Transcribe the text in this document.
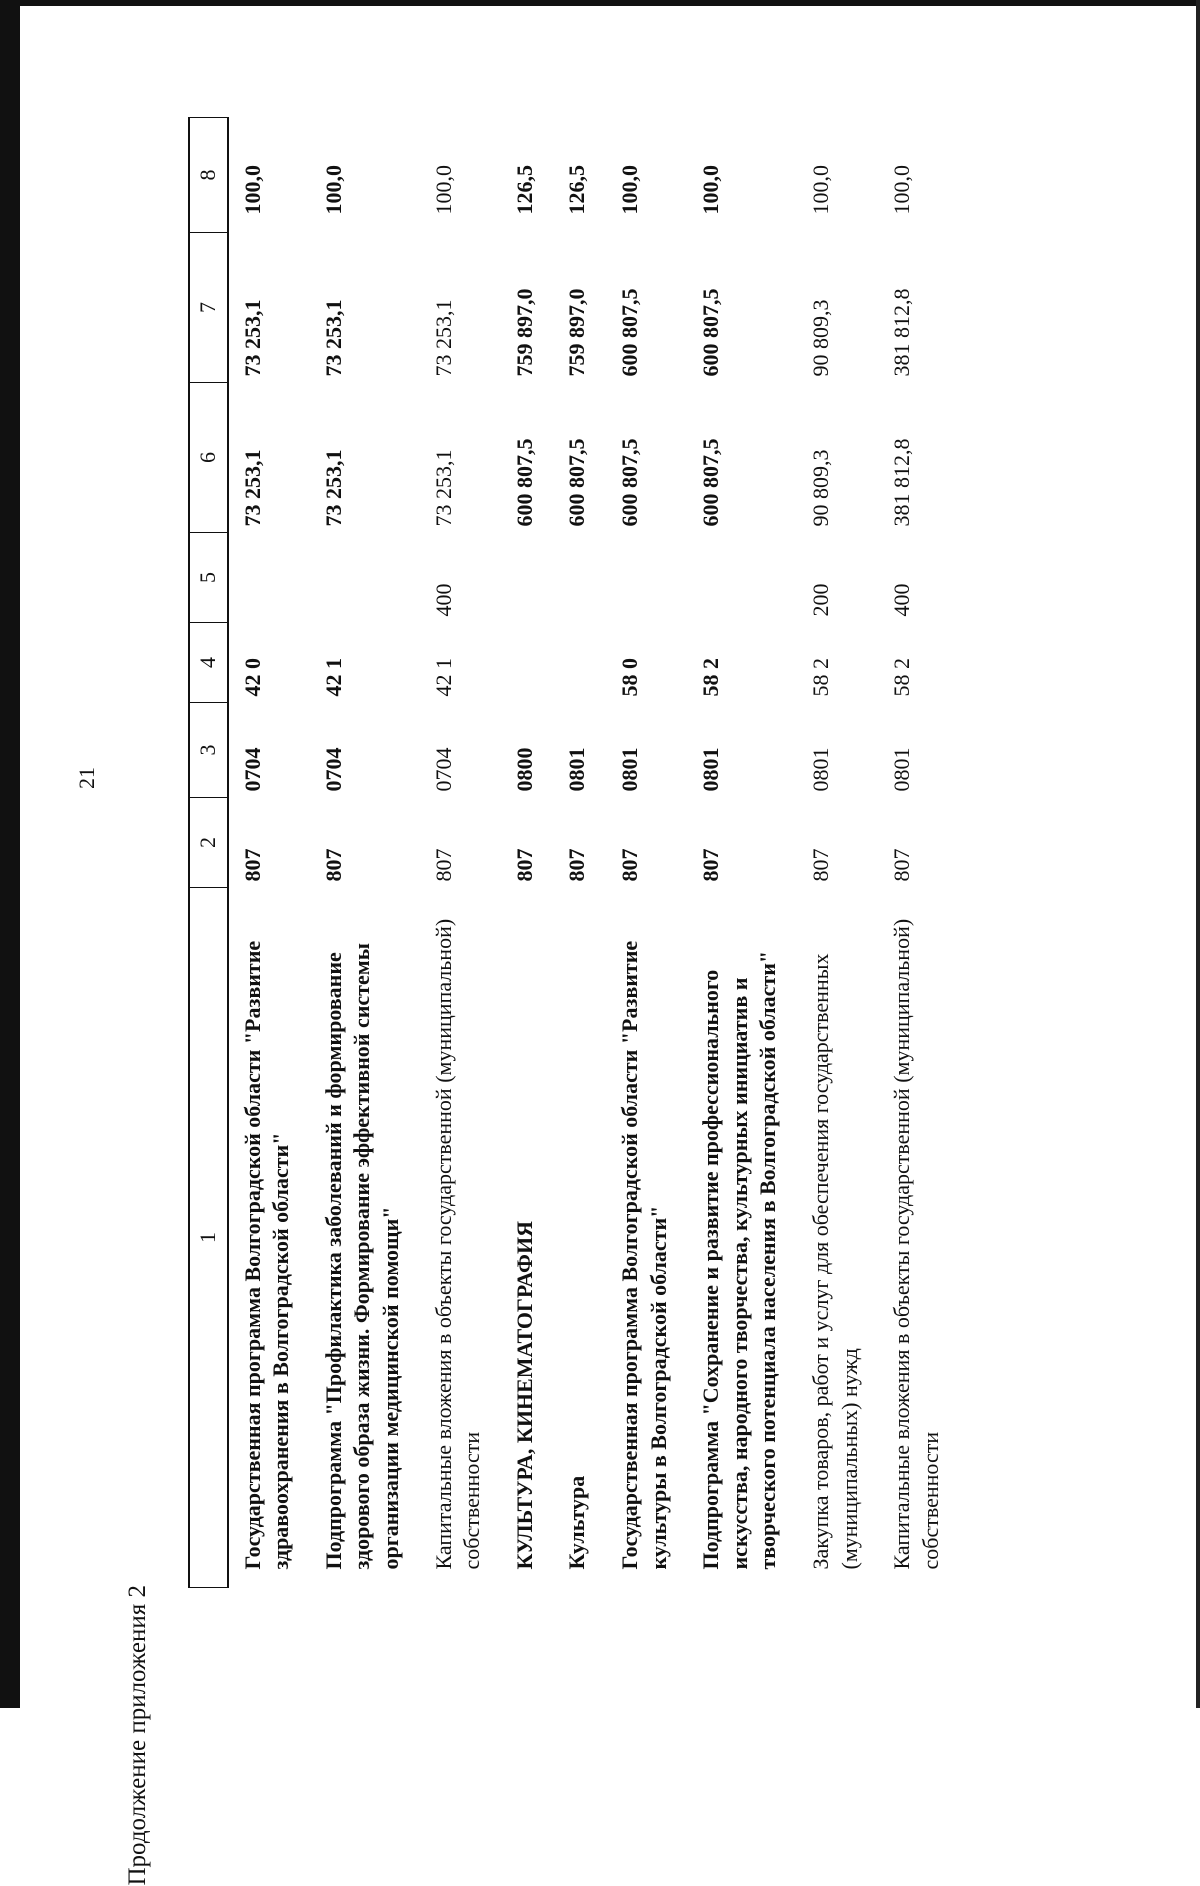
21
Продолжение приложения 2
1	2	3	4	5	6	7	8
Государственная программа Волгоградской области "Развитие здравоохранения в Волгоградской области"	807	0704	42 0		73 253,1	73 253,1	100,0
Подпрограмма "Профилактика заболеваний и формирование здорового образа жизни. Формирование эффективной системы организации медицинской помощи"	807	0704	42 1		73 253,1	73 253,1	100,0
Капитальные вложения в объекты государственной (муниципальной) собственности	807	0704	42 1	400	73 253,1	73 253,1	100,0
КУЛЬТУРА, КИНЕМАТОГРАФИЯ	807	0800			600 807,5	759 897,0	126,5
Культура	807	0801			600 807,5	759 897,0	126,5
Государственная программа Волгоградской области "Развитие культуры в Волгоградской области"	807	0801	58 0		600 807,5	600 807,5	100,0
Подпрограмма "Сохранение и развитие профессионального искусства, народного творчества, культурных инициатив и творческого потенциала населения в Волгоградской области"	807	0801	58 2		600 807,5	600 807,5	100,0
Закупка товаров, работ и услуг для обеспечения государственных (муниципальных) нужд	807	0801	58 2	200	90 809,3	90 809,3	100,0
Капитальные вложения в объекты государственной (муниципальной) собственности	807	0801	58 2	400	381 812,8	381 812,8	100,0
